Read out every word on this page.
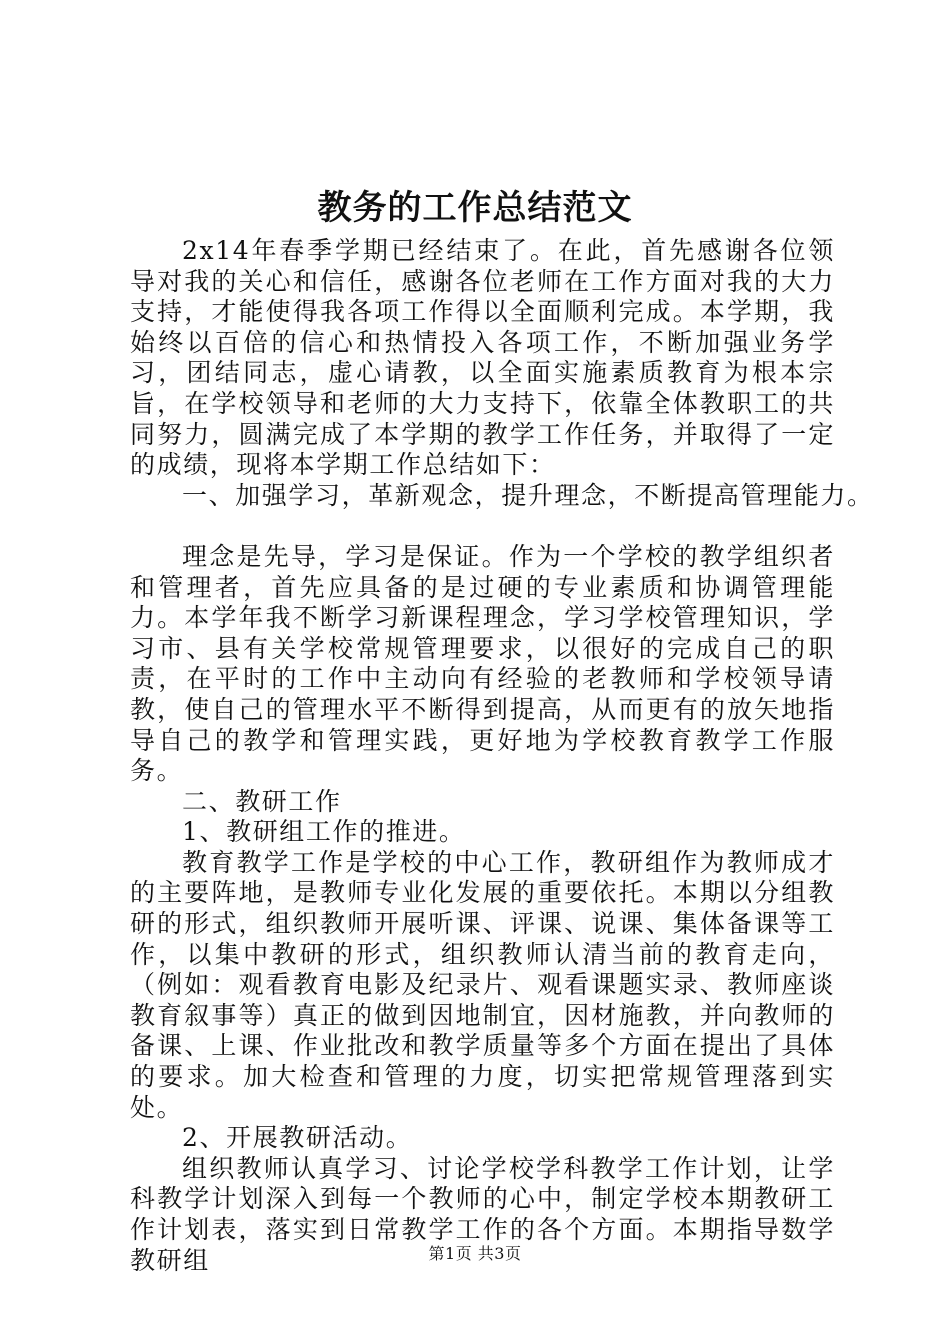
教务的工作总结范文

2x14年春季学期已经结束了。在此，首先感谢各位领导对我的关心和信任，感谢各位老师在工作方面对我的大力支持，才能使得我各项工作得以全面顺利完成。本学期，我始终以百倍的信心和热情投入各项工作，不断加强业务学习，团结同志，虚心请教，以全面实施素质教育为根本宗旨，在学校领导和老师的大力支持下，依靠全体教职工的共同努力，圆满完成了本学期的教学工作任务，并取得了一定的成绩，现将本学期工作总结如下：

一、加强学习，革新观念，提升理念，不断提高管理能力。

理念是先导，学习是保证。作为一个学校的教学组织者和管理者，首先应具备的是过硬的专业素质和协调管理能力。本学年我不断学习新课程理念，学习学校管理知识，学习市、县有关学校常规管理要求，以很好的完成自己的职责，在平时的工作中主动向有经验的老教师和学校领导请教，使自己的管理水平不断得到提高，从而更有的放矢地指导自己的教学和管理实践，更好地为学校教育教学工作服务。

二、教研工作

1、教研组工作的推进。

教育教学工作是学校的中心工作，教研组作为教师成才的主要阵地，是教师专业化发展的重要依托。本期以分组教研的形式，组织教师开展听课、评课、说课、集体备课等工作，以集中教研的形式，组织教师认清当前的教育走向，（例如：观看教育电影及纪录片、观看课题实录、教师座谈教育叙事等）真正的做到因地制宜，因材施教，并向教师的备课、上课、作业批改和教学质量等多个方面在提出了具体的要求。加大检查和管理的力度，切实把常规管理落到实处。

2、开展教研活动。

组织教师认真学习、讨论学校学科教学工作计划，让学科教学计划深入到每一个教师的心中，制定学校本期教研工作计划表，落实到日常教学工作的各个方面。本期指导数学教研组	第1页 共3页
